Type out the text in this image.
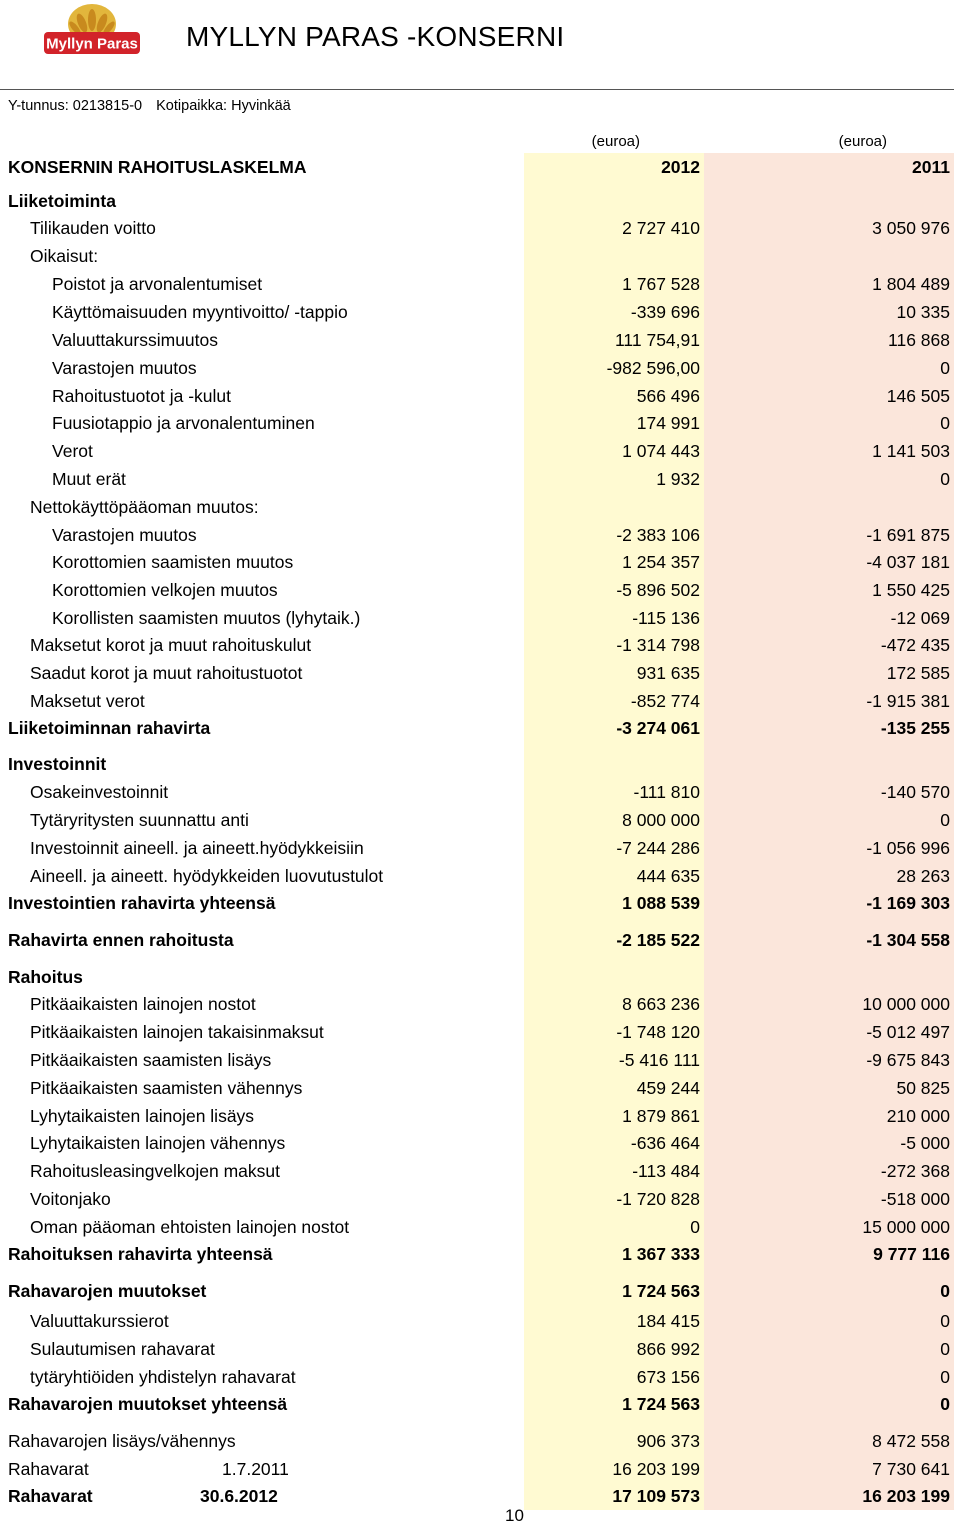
Myllyn Paras MYLLYN PARAS -KONSERNI
Y-tunnus: 0213815-0 Kotipaikka: Hyvinkää
(euroa)	(euroa)
KONSERNIN RAHOITUSLASKELMA	2012	2011
Liiketoiminta
Tilikauden voitto	2 727 410	3 050 976
Oikaisut:
Poistot ja arvonalentumiset	1 767 528	1 804 489
Käyttömaisuuden myyntivoitto/ -tappio	-339 696	10 335
Valuuttakurssimuutos	111 754,91	116 868
Varastojen muutos	-982 596,00	0
Rahoitustuotot ja -kulut	566 496	146 505
Fuusiotappio ja arvonalentuminen	174 991	0
Verot	1 074 443	1 141 503
Muut erät	1 932	0
Nettokäyttöpääoman muutos:
Varastojen muutos	-2 383 106	-1 691 875
Korottomien saamisten muutos	1 254 357	-4 037 181
Korottomien velkojen muutos	-5 896 502	1 550 425
Korollisten saamisten muutos (lyhytaik.)	-115 136	-12 069
Maksetut korot ja muut rahoituskulut	-1 314 798	-472 435
Saadut korot ja muut rahoitustuotot	931 635	172 585
Maksetut verot	-852 774	-1 915 381
Liiketoiminnan rahavirta	-3 274 061	-135 255
Investoinnit
Osakeinvestoinnit	-111 810	-140 570
Tytäryritysten suunnattu anti	8 000 000	0
Investoinnit aineell. ja aineett.hyödykkeisiin	-7 244 286	-1 056 996
Aineell. ja aineett. hyödykkeiden luovutustulot	444 635	28 263
Investointien rahavirta yhteensä	1 088 539	-1 169 303
Rahavirta ennen rahoitusta	-2 185 522	-1 304 558
Rahoitus
Pitkäaikaisten lainojen nostot	8 663 236	10 000 000
Pitkäaikaisten lainojen takaisinmaksut	-1 748 120	-5 012 497
Pitkäaikaisten saamisten lisäys	-5 416 111	-9 675 843
Pitkäaikaisten saamisten vähennys	459 244	50 825
Lyhytaikaisten lainojen lisäys	1 879 861	210 000
Lyhytaikaisten lainojen vähennys	-636 464	-5 000
Rahoitusleasingvelkojen maksut	-113 484	-272 368
Voitonjako	-1 720 828	-518 000
Oman pääoman ehtoisten lainojen nostot	0	15 000 000
Rahoituksen rahavirta yhteensä	1 367 333	9 777 116
Rahavarojen muutokset	1 724 563	0
Valuuttakurssierot	184 415	0
Sulautumisen rahavarat	866 992	0
tytäryhtiöiden yhdistelyn rahavarat	673 156	0
Rahavarojen muutokset yhteensä	1 724 563	0
Rahavarojen lisäys/vähennys	906 373	8 472 558
Rahavarat	1.7.2011	16 203 199	7 730 641
Rahavarat	30.6.2012	17 109 573	16 203 199
10
